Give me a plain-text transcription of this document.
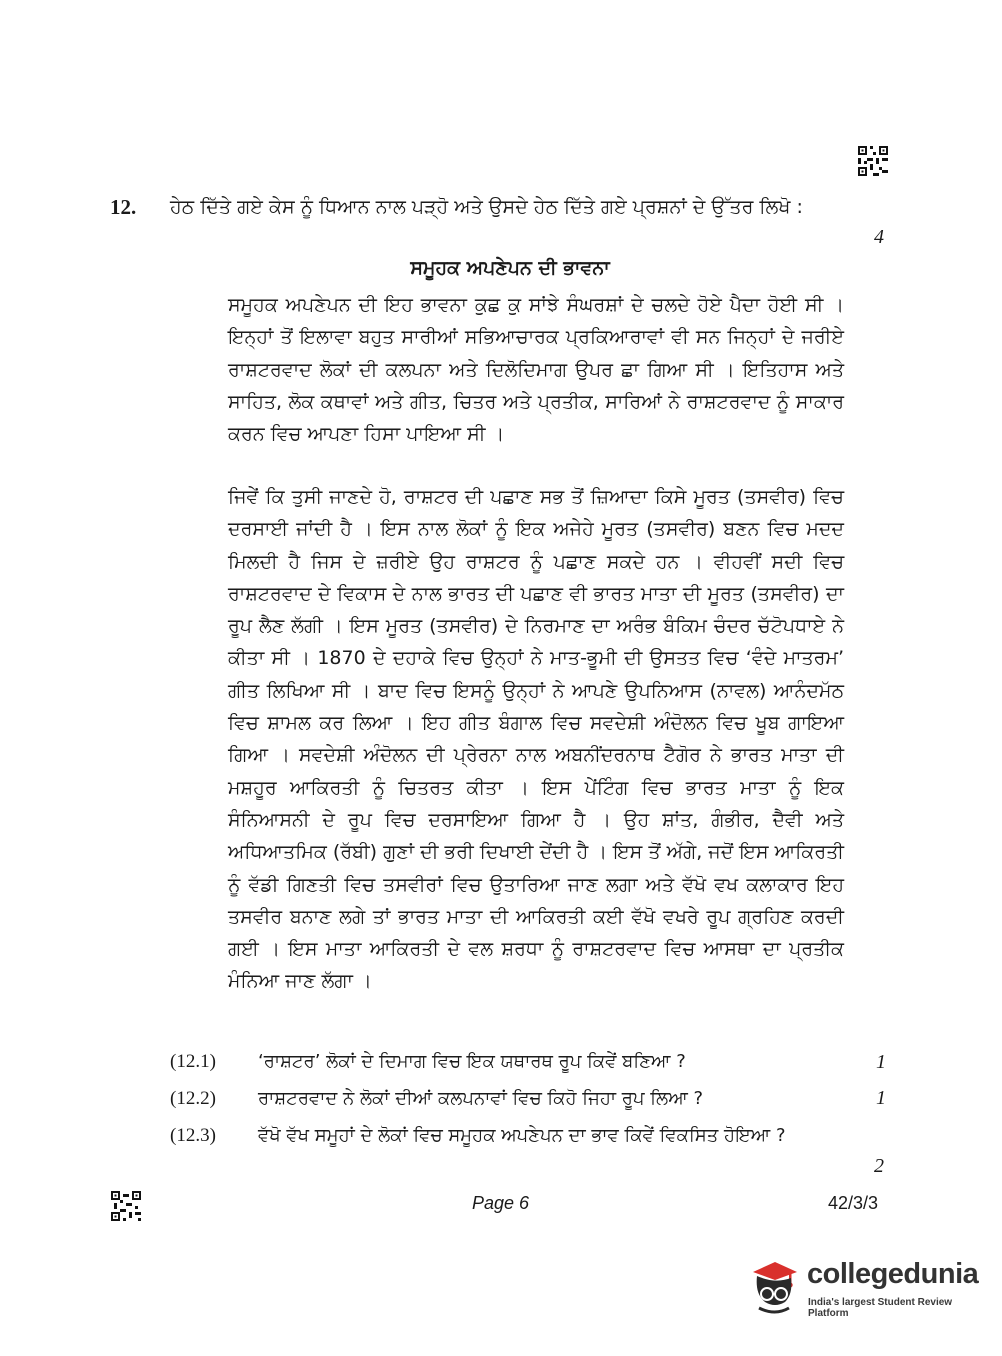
12. ਹੇਠ ਦਿੱਤੇ ਗਏ ਕੇਸ ਨੂੰ ਧਿਆਨ ਨਾਲ ਪੜ੍ਹੋ ਅਤੇ ਉਸਦੇ ਹੇਠ ਦਿੱਤੇ ਗਏ ਪ੍ਰਸ਼ਨਾਂ ਦੇ ਉੱਤਰ ਲਿਖੋ :
4
ਸਮੂਹਕ ਅਪਣੇਪਨ ਦੀ ਭਾਵਨਾ
ਸਮੂਹਕ ਅਪਣੇਪਨ ਦੀ ਇਹ ਭਾਵਨਾ ਕੁਛ ਕੁ ਸਾਂਝੇ ਸੰਘਰਸ਼ਾਂ ਦੇ ਚਲਦੇ ਹੋਏ ਪੈਦਾ ਹੋਈ ਸੀ । ਇਨ੍ਹਾਂ ਤੋਂ ਇਲਾਵਾ ਬਹੁਤ ਸਾਰੀਆਂ ਸਭਿਆਚਾਰਕ ਪ੍ਰਕਿਆਰਾਵਾਂ ਵੀ ਸਨ ਜਿਨ੍ਹਾਂ ਦੇ ਜਰੀਏ ਰਾਸ਼ਟਰਵਾਦ ਲੋਕਾਂ ਦੀ ਕਲਪਨਾ ਅਤੇ ਦਿਲੋਦਿਮਾਗ ਉਪਰ ਛਾ ਗਿਆ ਸੀ । ਇਤਿਹਾਸ ਅਤੇ ਸਾਹਿਤ, ਲੋਕ ਕਥਾਵਾਂ ਅਤੇ ਗੀਤ, ਚਿਤਰ ਅਤੇ ਪ੍ਰਤੀਕ, ਸਾਰਿਆਂ ਨੇ ਰਾਸ਼ਟਰਵਾਦ ਨੂੰ ਸਾਕਾਰ ਕਰਨ ਵਿਚ ਆਪਣਾ ਹਿਸਾ ਪਾਇਆ ਸੀ ।
ਜਿਵੇਂ ਕਿ ਤੁਸੀ ਜਾਣਦੇ ਹੋ, ਰਾਸ਼ਟਰ ਦੀ ਪਛਾਣ ਸਭ ਤੋਂ ਜ਼ਿਆਦਾ ਕਿਸੇ ਮੂਰਤ (ਤਸਵੀਰ) ਵਿਚ ਦਰਸਾਈ ਜਾਂਦੀ ਹੈ । ਇਸ ਨਾਲ ਲੋਕਾਂ ਨੂੰ ਇਕ ਅਜੇਹੇ ਮੂਰਤ (ਤਸਵੀਰ) ਬਣਨ ਵਿਚ ਮਦਦ ਮਿਲਦੀ ਹੈ ਜਿਸ ਦੇ ਜ਼ਰੀਏ ਉਹ ਰਾਸ਼ਟਰ ਨੂੰ ਪਛਾਣ ਸਕਦੇ ਹਨ । ਵੀਹਵੀਂ ਸਦੀ ਵਿਚ ਰਾਸ਼ਟਰਵਾਦ ਦੇ ਵਿਕਾਸ ਦੇ ਨਾਲ ਭਾਰਤ ਦੀ ਪਛਾਣ ਵੀ ਭਾਰਤ ਮਾਤਾ ਦੀ ਮੂਰਤ (ਤਸਵੀਰ) ਦਾ ਰੂਪ ਲੈਣ ਲੱਗੀ । ਇਸ ਮੂਰਤ (ਤਸਵੀਰ) ਦੇ ਨਿਰਮਾਣ ਦਾ ਅਰੰਭ ਬੰਕਿਮ ਚੰਦਰ ਚੱਟੋਪਧਾਏ ਨੇ ਕੀਤਾ ਸੀ । 1870 ਦੇ ਦਹਾਕੇ ਵਿਚ ਉਨ੍ਹਾਂ ਨੇ ਮਾਤ-ਭੂਮੀ ਦੀ ਉਸਤਤ ਵਿਚ ‘ਵੰਦੇ ਮਾਤਰਮ’ ਗੀਤ ਲਿਖਿਆ ਸੀ । ਬਾਦ ਵਿਚ ਇਸਨੂੰ ਉਨ੍ਹਾਂ ਨੇ ਆਪਣੇ ਉਪਨਿਆਸ (ਨਾਵਲ) ਆਨੰਦਮੱਠ ਵਿਚ ਸ਼ਾਮਲ ਕਰ ਲਿਆ । ਇਹ ਗੀਤ ਬੰਗਾਲ ਵਿਚ ਸਵਦੇਸ਼ੀ ਅੰਦੋਲਨ ਵਿਚ ਖੂਬ ਗਾਇਆ ਗਿਆ । ਸਵਦੇਸ਼ੀ ਅੰਦੋਲਨ ਦੀ ਪ੍ਰੇਰਨਾ ਨਾਲ ਅਬਨੀਂਦਰਨਾਥ ਟੈਗੋਰ ਨੇ ਭਾਰਤ ਮਾਤਾ ਦੀ ਮਸ਼ਹੂਰ ਆਕਿਰਤੀ ਨੂੰ ਚਿਤਰਤ ਕੀਤਾ । ਇਸ ਪੇਂਟਿੰਗ ਵਿਚ ਭਾਰਤ ਮਾਤਾ ਨੂੰ ਇਕ ਸੰਨਿਆਸਨੀ ਦੇ ਰੂਪ ਵਿਚ ਦਰਸਾਇਆ ਗਿਆ ਹੈ । ਉਹ ਸ਼ਾਂਤ, ਗੰਭੀਰ, ਦੈਵੀ ਅਤੇ ਅਧਿਆਤਮਿਕ (ਰੱਬੀ) ਗੁਣਾਂ ਦੀ ਭਰੀ ਦਿਖਾਈ ਦੇਂਦੀ ਹੈ । ਇਸ ਤੋਂ ਅੱਗੇ, ਜਦੋਂ ਇਸ ਆਕਿਰਤੀ ਨੂੰ ਵੱਡੀ ਗਿਣਤੀ ਵਿਚ ਤਸਵੀਰਾਂ ਵਿਚ ਉਤਾਰਿਆ ਜਾਣ ਲਗਾ ਅਤੇ ਵੱਖੋ ਵਖ ਕਲਾਕਾਰ ਇਹ ਤਸਵੀਰ ਬਨਾਣ ਲਗੇ ਤਾਂ ਭਾਰਤ ਮਾਤਾ ਦੀ ਆਕਿਰਤੀ ਕਈ ਵੱਖੋ ਵਖਰੇ ਰੂਪ ਗ੍ਰਹਿਣ ਕਰਦੀ ਗਈ । ਇਸ ਮਾਤਾ ਆਕਿਰਤੀ ਦੇ ਵਲ ਸ਼ਰਧਾ ਨੂੰ ਰਾਸ਼ਟਰਵਾਦ ਵਿਚ ਆਸਥਾ ਦਾ ਪ੍ਰਤੀਕ ਮੰਨਿਆ ਜਾਣ ਲੱਗਾ ।
(12.1) ‘ਰਾਸ਼ਟਰ’ ਲੋਕਾਂ ਦੇ ਦਿਮਾਗ ਵਿਚ ਇਕ ਯਥਾਰਥ ਰੂਪ ਕਿਵੇਂ ਬਣਿਆ ?	1
(12.2) ਰਾਸ਼ਟਰਵਾਦ ਨੇ ਲੋਕਾਂ ਦੀਆਂ ਕਲਪਨਾਵਾਂ ਵਿਚ ਕਿਹੋ ਜਿਹਾ ਰੂਪ ਲਿਆ ?	1
(12.3) ਵੱਖੋ ਵੱਖ ਸਮੂਹਾਂ ਦੇ ਲੋਕਾਂ ਵਿਚ ਸਮੂਹਕ ਅਪਣੇਪਨ ਦਾ ਭਾਵ ਕਿਵੇਂ ਵਿਕਸਿਤ ਹੋਇਆ ?
2
Page 6	42/3/3
collegedunia
India's largest Student Review Platform
